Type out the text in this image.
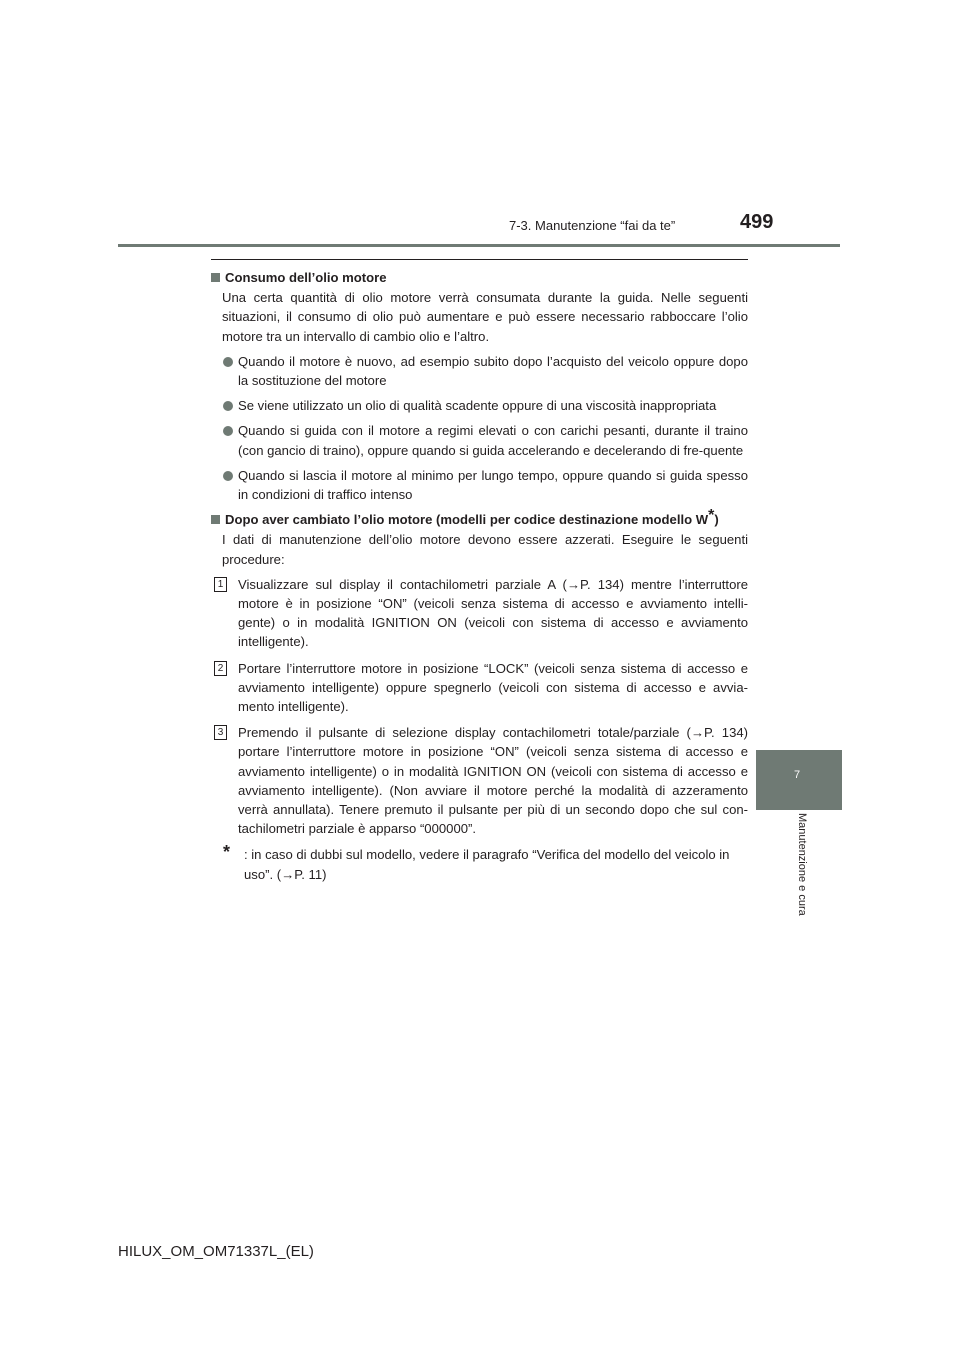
7-3. Manutenzione “fai da te”	499
7
Manutenzione e cura
Consumo dell’olio motore

Una certa quantità di olio motore verrà consumata durante la guida. Nelle seguenti situazioni, il consumo di olio può aumentare e può essere necessario rabboccare l’olio motore tra un intervallo di cambio olio e l’altro.

Quando il motore è nuovo, ad esempio subito dopo l’acquisto del veicolo oppure dopo la sostituzione del motore
Se viene utilizzato un olio di qualità scadente oppure di una viscosità inappropriata
Quando si guida con il motore a regimi elevati o con carichi pesanti, durante il traino (con gancio di traino), oppure quando si guida accelerando e decelerando di fre-quente
Quando si lascia il motore al minimo per lungo tempo, oppure quando si guida spesso in condizioni di traffico intenso
Dopo aver cambiato l’olio motore (modelli per codice destinazione modello W*)

I dati di manutenzione dell’olio motore devono essere azzerati. Eseguire le seguenti procedure:

1 Visualizzare sul display il contachilometri parziale A (→P. 134) mentre l’interruttore motore è in posizione “ON” (veicoli senza sistema di accesso e avviamento intelli-gente) o in modalità IGNITION ON (veicoli con sistema di accesso e avviamento intelligente).
2 Portare l’interruttore motore in posizione “LOCK” (veicoli senza sistema di accesso e avviamento intelligente) oppure spegnerlo (veicoli con sistema di accesso e avvia-mento intelligente).
3 Premendo il pulsante di selezione display contachilometri totale/parziale (→P. 134) portare l’interruttore motore in posizione “ON” (veicoli senza sistema di accesso e avviamento intelligente) o in modalità IGNITION ON (veicoli con sistema di accesso e avviamento intelligente). (Non avviare il motore perché la modalità di azzeramento verrà annullata). Tenere premuto il pulsante per più di un secondo dopo che sul con-tachilometri parziale è apparso “000000”.
* : in caso di dubbi sul modello, vedere il paragrafo “Verifica del modello del veicolo in uso”. (→P. 11)
HILUX_OM_OM71337L_(EL)
